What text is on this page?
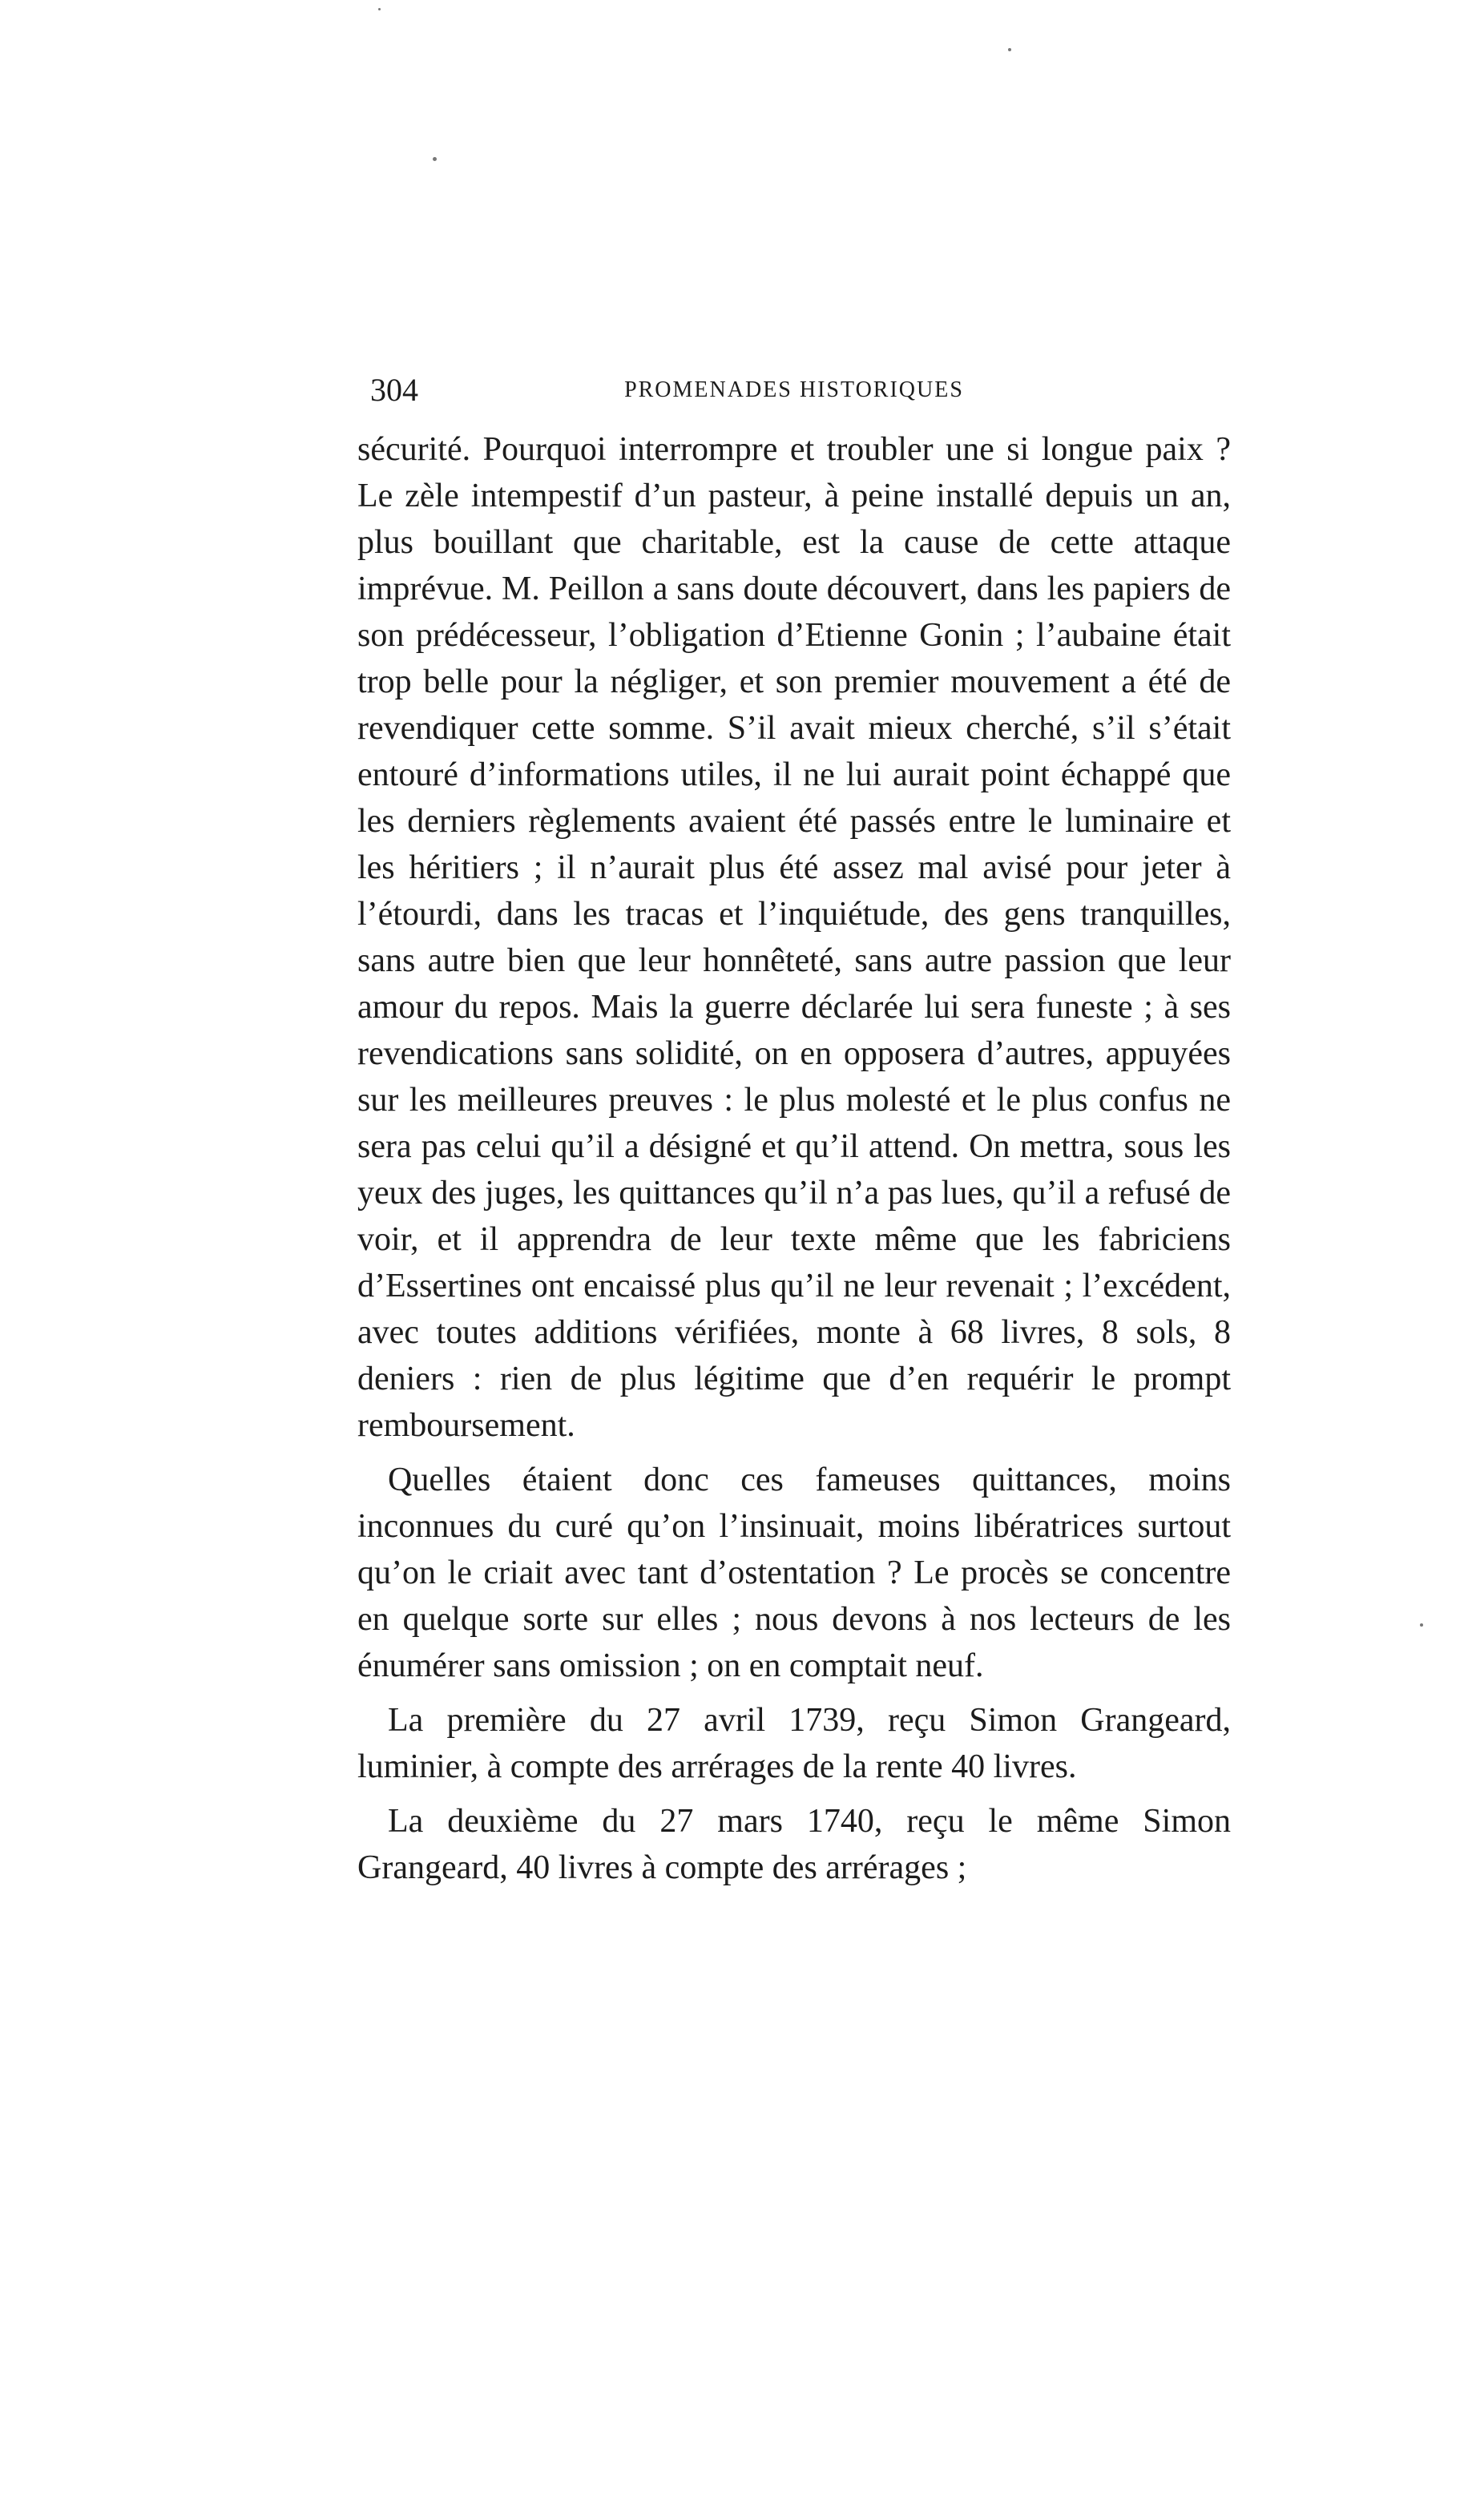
304	PROMENADES HISTORIQUES

sécurité. Pourquoi interrompre et troubler une si longue paix ? Le zèle intempestif d’un pasteur, à peine installé depuis un an, plus bouillant que charitable, est la cause de cette attaque imprévue. M. Peillon a sans doute découvert, dans les papiers de son prédécesseur, l’obligation d’Etienne Gonin ; l’aubaine était trop belle pour la négliger, et son premier mouvement a été de revendiquer cette somme. S’il avait mieux cherché, s’il s’était entouré d’informations utiles, il ne lui aurait point échappé que les derniers règlements avaient été passés entre le luminaire et les héritiers ; il n’aurait plus été assez mal avisé pour jeter à l’étourdi, dans les tracas et l’inquiétude, des gens tranquilles, sans autre bien que leur honnêteté, sans autre passion que leur amour du repos. Mais la guerre déclarée lui sera funeste ; à ses revendications sans solidité, on en opposera d’autres, appuyées sur les meilleures preuves : le plus molesté et le plus confus ne sera pas celui qu’il a désigné et qu’il attend. On mettra, sous les yeux des juges, les quittances qu’il n’a pas lues, qu’il a refusé de voir, et il apprendra de leur texte même que les fabriciens d’Essertines ont encaissé plus qu’il ne leur revenait ; l’excédent, avec toutes additions vérifiées, monte à 68 livres, 8 sols, 8 deniers : rien de plus légitime que d’en requérir le prompt remboursement.

Quelles étaient donc ces fameuses quittances, moins inconnues du curé qu’on l’insinuait, moins libératrices surtout qu’on le criait avec tant d’ostentation ? Le procès se concentre en quelque sorte sur elles ; nous devons à nos lecteurs de les énumérer sans omission ; on en comptait neuf.

La première du 27 avril 1739, reçu Simon Grangeard, luminier, à compte des arrérages de la rente 40 livres.

La deuxième du 27 mars 1740, reçu le même Simon Grangeard, 40 livres à compte des arrérages ;
